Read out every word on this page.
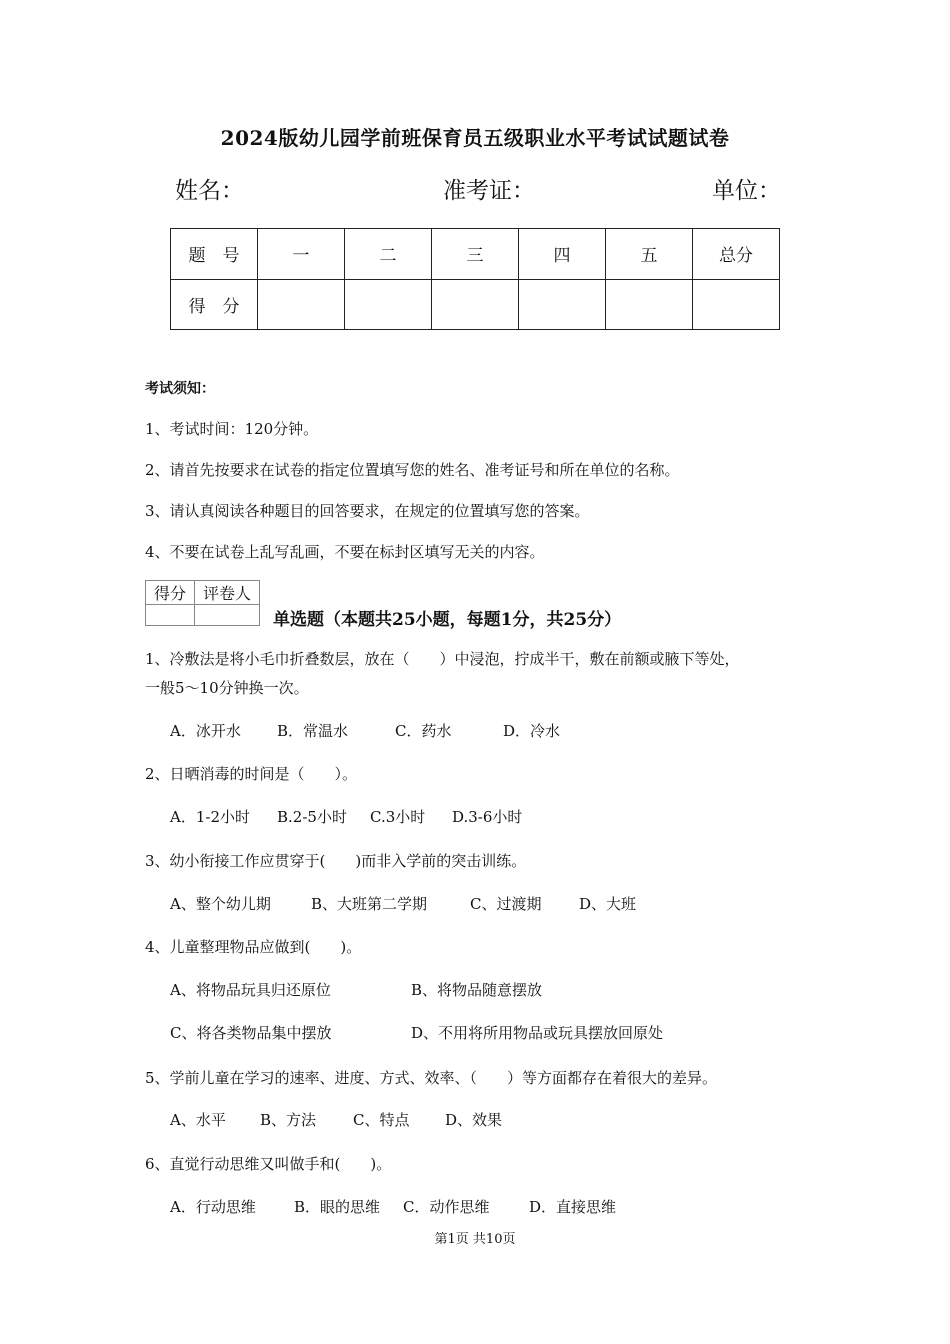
2024版幼儿园学前班保育员五级职业水平考试试题试卷
姓名：	准考证：	单位：
题　号	一	二	三	四	五	总分
得　分						
考试须知：
1、考试时间：120分钟。
2、请首先按要求在试卷的指定位置填写您的姓名、准考证号和所在单位的名称。
3、请认真阅读各种题目的回答要求，在规定的位置填写您的答案。
4、不要在试卷上乱写乱画，不要在标封区填写无关的内容。
得分	评卷人

单选题（本题共25小题，每题1分，共25分）
1、冷敷法是将小毛巾折叠数层，放在（　　）中浸泡，拧成半干，敷在前额或腋下等处，
一般5～10分钟换一次。
A．冰开水 B．常温水	C．药水	D．冷水
2、日晒消毒的时间是（　　）。
A．1-2小时 B.2-5小时 C.3小时 D.3-6小时
3、幼小衔接工作应贯穿于(　　)而非入学前的突击训练。
A、整个幼儿期	B、大班第二学期	C、过渡期	D、大班
4、儿童整理物品应做到(　　)。
A、将物品玩具归还原位	B、将物品随意摆放
C、将各类物品集中摆放	D、不用将所用物品或玩具摆放回原处
5、学前儿童在学习的速率、进度、方式、效率、（　　）等方面都存在着很大的差异。
A、水平 B、方法 C、特点 D、效果
6、直觉行动思维又叫做手和(　　)。
A．行动思维	B．眼的思维 C．动作思维	D．直接思维
第1页 共10页
